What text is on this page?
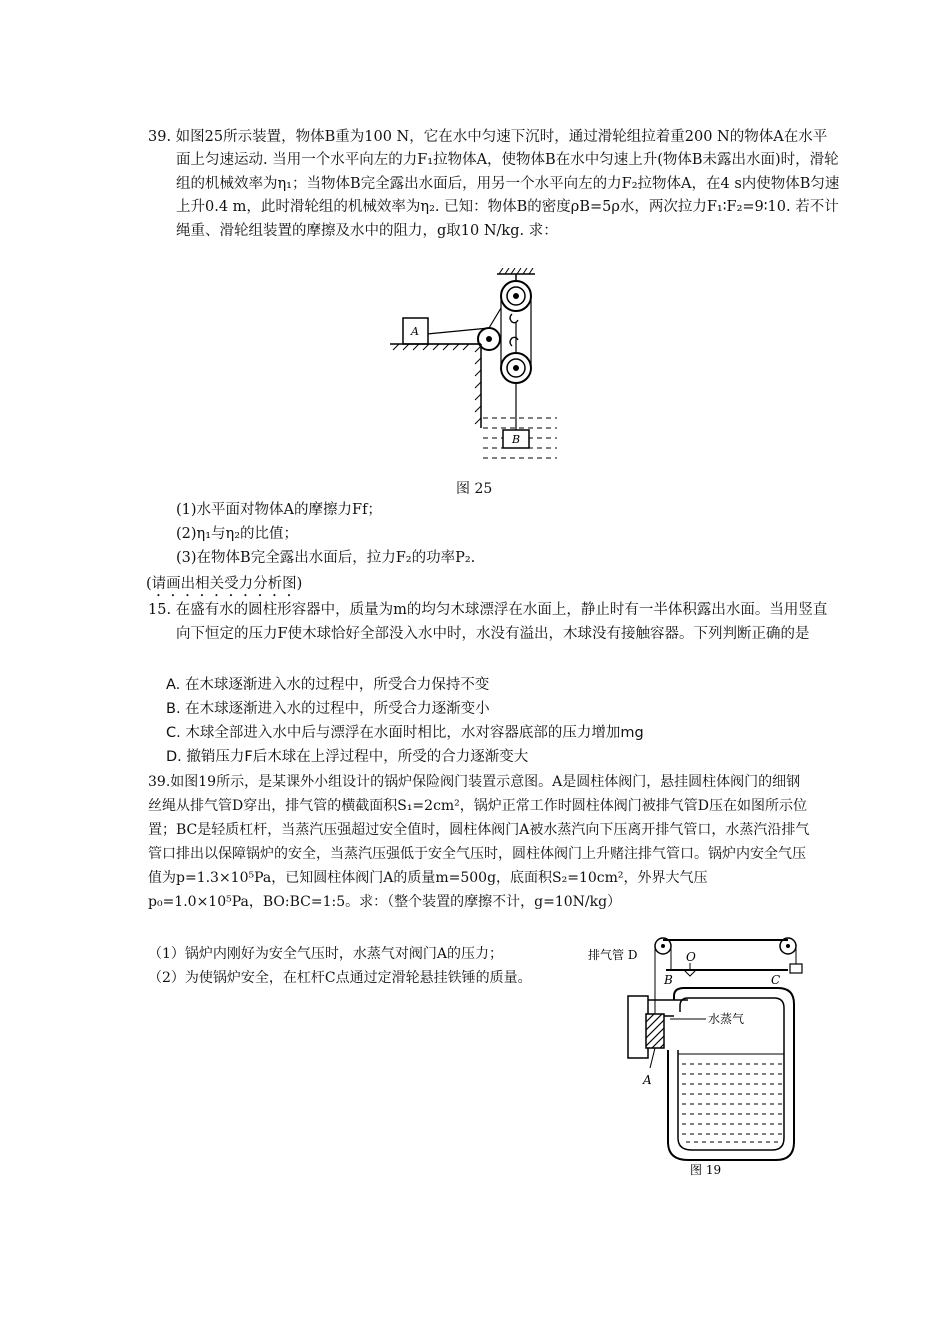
39. 如图25所示装置，物体B重为100 N，它在水中匀速下沉时，通过滑轮组拉着重200 N的物体A在水平面上匀速运动. 当用一个水平向左的力F₁拉物体A，使物体B在水中匀速上升(物体B未露出水面)时，滑轮组的机械效率为η₁；当物体B完全露出水面后，用另一个水平向左的力F₂拉物体A，在4 s内使物体B匀速上升0.4 m，此时滑轮组的机械效率为η₂. 已知：物体B的密度ρB=5ρ水，两次拉力F₁∶F₂=9∶10. 若不计绳重、滑轮组装置的摩擦及水中的阻力，g取10 N/kg. 求：
A
B
图 25
(1)水平面对物体A的摩擦力Ff；
(2)η₁与η₂的比值；
(3)在物体B完全露出水面后，拉力F₂的功率P₂.
(请画出相关受力分析图)
15. 在盛有水的圆柱形容器中，质量为m的均匀木球漂浮在水面上，静止时有一半体积露出水面。当用竖直向下恒定的压力F使木球恰好全部没入水中时，水没有溢出，木球没有接触容器。下列判断正确的是
A. 在木球逐渐进入水的过程中，所受合力保持不变
B. 在木球逐渐进入水的过程中，所受合力逐渐变小
C. 木球全部进入水中后与漂浮在水面时相比，水对容器底部的压力增加mg
D. 撤销压力F后木球在上浮过程中，所受的合力逐渐变大
39.如图19所示，是某课外小组设计的锅炉保险阀门装置示意图。A是圆柱体阀门，悬挂圆柱体阀门的细钢丝绳从排气管D穿出，排气管的横截面积S₁=2cm²，锅炉正常工作时圆柱体阀门被排气管D压在如图所示位置；BC是轻质杠杆，当蒸汽压强超过安全值时，圆柱体阀门A被水蒸汽向下压离开排气管口，水蒸汽沿排气管口排出以保障锅炉的安全，当蒸汽压强低于安全气压时，圆柱体阀门上升赌注排气管口。锅炉内安全气压值为p=1.3×10⁵Pa，已知圆柱体阀门A的质量m=500g，底面积S₂=10cm²，外界大气压p₀=1.0×10⁵Pa，BO:BC=1:5。求：（整个装置的摩擦不计，g=10N/kg）
（1）锅炉内刚好为安全气压时，水蒸气对阀门A的压力；
（2）为使锅炉安全，在杠杆C点通过定滑轮悬挂铁锤的质量。
O
B	C
排气管 D
A
水蒸气
图 19
